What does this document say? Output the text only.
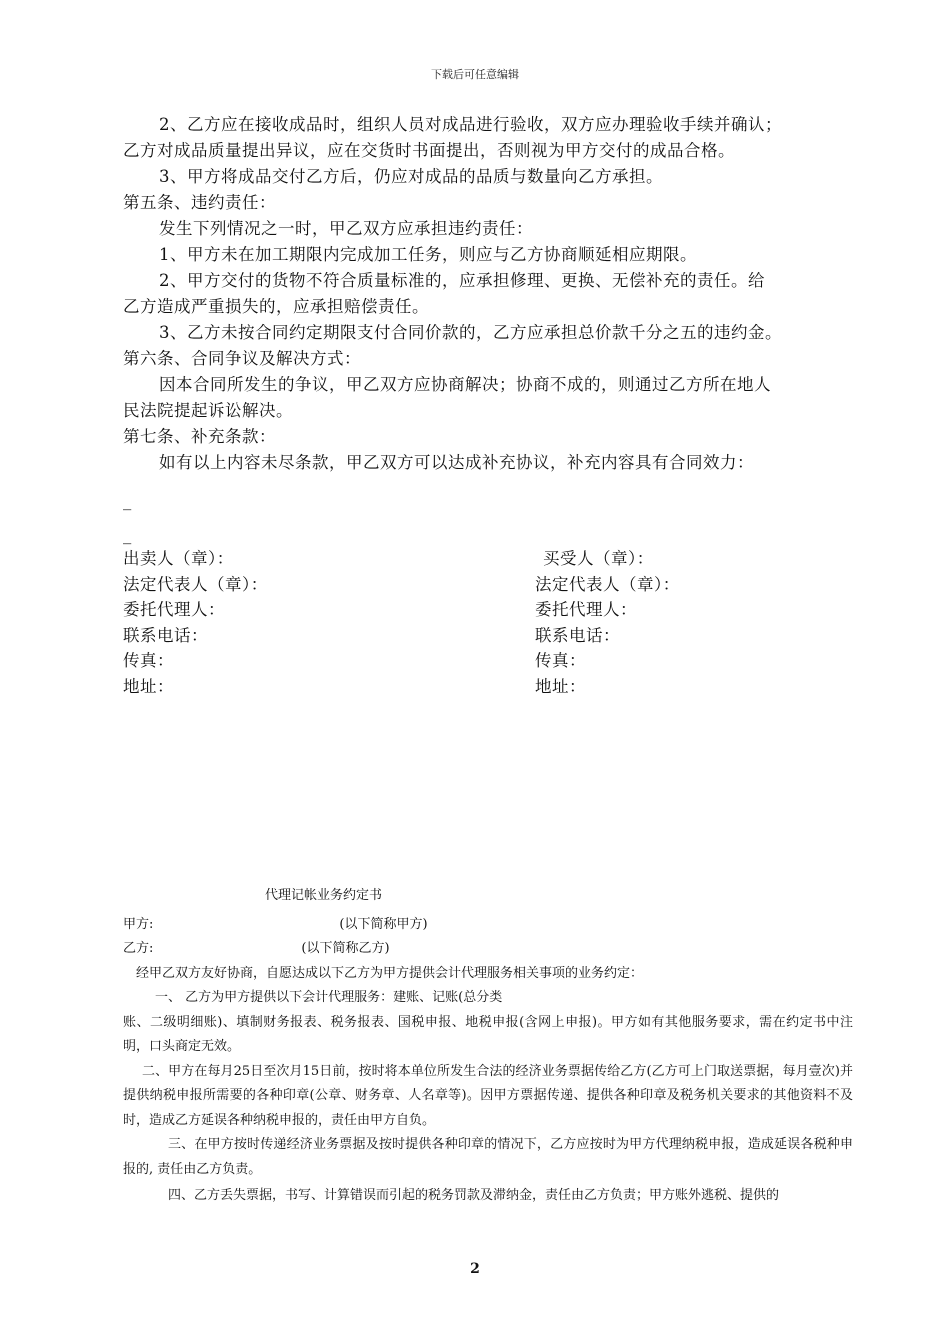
下载后可任意编辑

2、乙方应在接收成品时，组织人员对成品进行验收，双方应办理验收手续并确认；

乙方对成品质量提出异议，应在交货时书面提出，否则视为甲方交付的成品合格。

3、甲方将成品交付乙方后，仍应对成品的品质与数量向乙方承担。

第五条、违约责任：

发生下列情况之一时，甲乙双方应承担违约责任：

1、甲方未在加工期限内完成加工任务，则应与乙方协商顺延相应期限。

2、甲方交付的货物不符合质量标准的，应承担修理、更换、无偿补充的责任。给

乙方造成严重损失的，应承担赔偿责任。

3、乙方未按合同约定期限支付合同价款的，乙方应承担总价款千分之五的违约金。

第六条、合同争议及解决方式：

因本合同所发生的争议，甲乙双方应协商解决；协商不成的，则通过乙方所在地人

民法院提起诉讼解决。

第七条、补充条款：

如有以上内容未尽条款，甲乙双方可以达成补充协议，补充内容具有合同效力：

_

_

出卖人（章）：	买受人（章）：
法定代表人（章）：	法定代表人（章）：
委托代理人：	委托代理人：
联系电话：	联系电话：
传真：	传真：
地址：	地址：

代理记帐业务约定书

甲方:	(以下简称甲方)

乙方:	(以下简称乙方)

经甲乙双方友好协商，自愿达成以下乙方为甲方提供会计代理服务相关事项的业务约定：

一、 乙方为甲方提供以下会计代理服务：建账、记账(总分类

账、二级明细账)、填制财务报表、税务报表、国税申报、地税申报(含网上申报)。甲方如有其他服务要求，需在约定书中注明，口头商定无效。

二、甲方在每月25日至次月15日前，按时将本单位所发生合法的经济业务票据传给乙方(乙方可上门取送票据，每月壹次)并提供纳税申报所需要的各种印章(公章、财务章、人名章等)。因甲方票据传递、提供各种印章及税务机关要求的其他资料不及时，造成乙方延误各种纳税申报的，责任由甲方自负。

三、在甲方按时传递经济业务票据及按时提供各种印章的情况下，乙方应按时为甲方代理纳税申报，造成延误各税种申报的, 责任由乙方负责。

四、乙方丢失票据，书写、计算错误而引起的税务罚款及滞纳金，责任由乙方负责；甲方账外逃税、提供的

2
